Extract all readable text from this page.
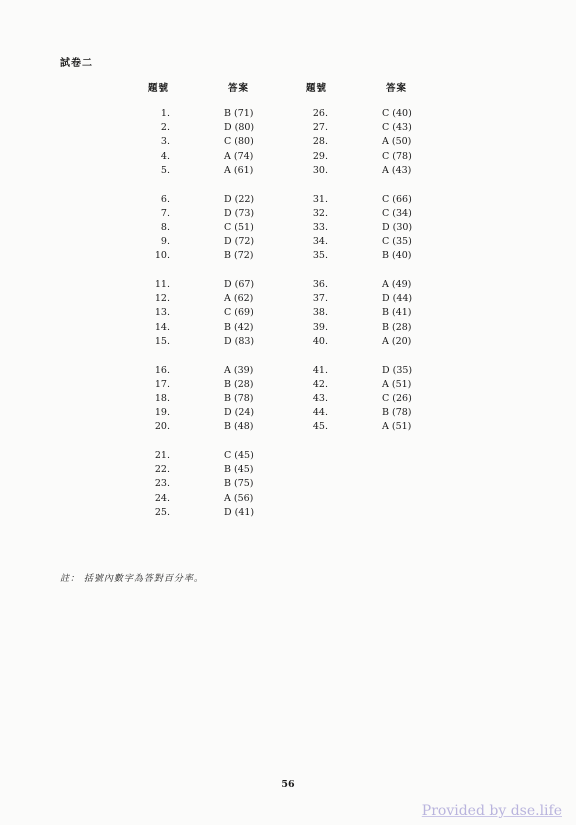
試卷二
題號	答案
1.	B (71)
2.	D (80)
3.	C (80)
4.	A (74)
5.	A (61)
6.	D (22)
7.	D (73)
8.	C (51)
9.	D (72)
10.	B (72)
11.	D (67)
12.	A (62)
13.	C (69)
14.	B (42)
15.	D (83)
16.	A (39)
17.	B (28)
18.	B (78)
19.	D (24)
20.	B (48)
21.	C (45)
22.	B (45)
23.	B (75)
24.	A (56)
25.	D (41)
題號	答案
26.	C (40)
27.	C (43)
28.	A (50)
29.	C (78)
30.	A (43)
31.	C (66)
32.	C (34)
33.	D (30)
34.	C (35)
35.	B (40)
36.	A (49)
37.	D (44)
38.	B (41)
39.	B (28)
40.	A (20)
41.	D (35)
42.	A (51)
43.	C (26)
44.	B (78)
45.	A (51)
註： 括號內數字為答對百分率。
56
Provided by dse.life
